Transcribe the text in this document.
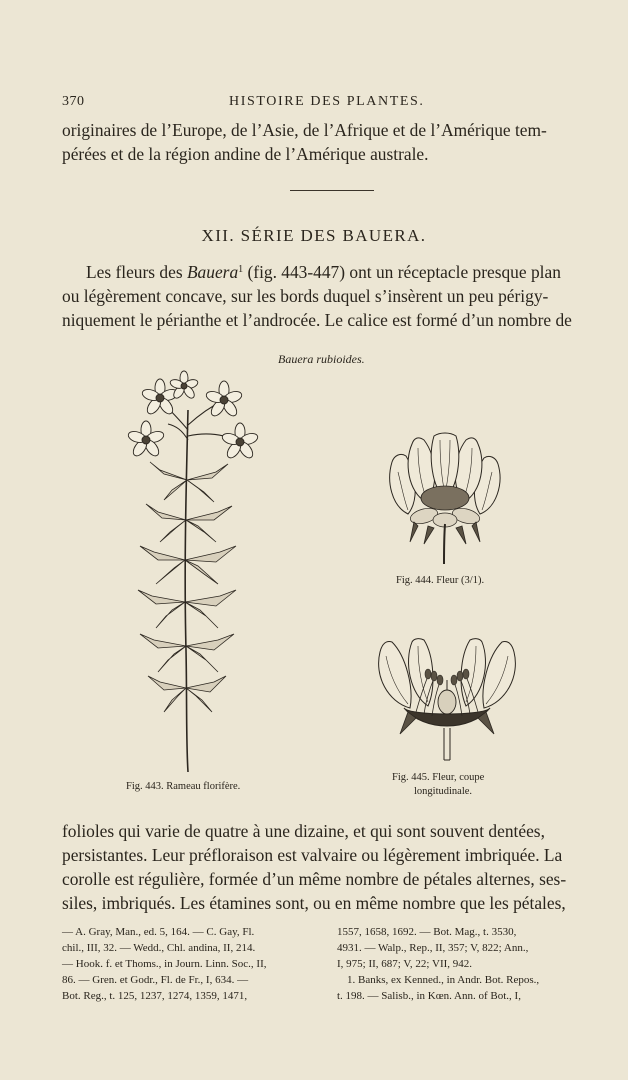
370	HISTOIRE DES PLANTES.
originaires de l’Europe, de l’Asie, de l’Afrique et de l’Amérique tem-
pérées et de la région andine de l’Amérique australe.
XII. SÉRIE DES BAUERA.
Les fleurs des Bauera$^1$ (fig. 443-447) ont un réceptacle presque plan
ou légèrement concave, sur les bords duquel s’insèrent un peu périgy-
niquement le périanthe et l’androcée. Le calice est formé d’un nombre de
Bauera rubioides.
Fig. 443. Rameau florifère.
Fig. 444. Fleur (3/1).
Fig. 445. Fleur, coupe
longitudinale.
folioles qui varie de quatre à une dizaine, et qui sont souvent dentées,
persistantes. Leur préfloraison est valvaire ou légèrement imbriquée. La
corolle est régulière, formée d’un même nombre de pétales alternes, ses-
siles, imbriqués. Les étamines sont, ou en même nombre que les pétales,
— A. Gray, Man., ed. 5, 164. — C. Gay, Fl.
chil., III, 32. — Wedd., Chl. andina, II, 214.
— Hook. f. et Thoms., in Journ. Linn. Soc., II,
86. — Gren. et Godr., Fl. de Fr., I, 634. —
Bot. Reg., t. 125, 1237, 1274, 1359, 1471,
1557, 1658, 1692. — Bot. Mag., t. 3530,
4931. — Walp., Rep., II, 357; V, 822; Ann.,
I, 975; II, 687; V, 22; VII, 942.
1. Banks, ex Kenned., in Andr. Bot. Repos.,
t. 198. — Salisb., in Kœn. Ann. of Bot., I,
